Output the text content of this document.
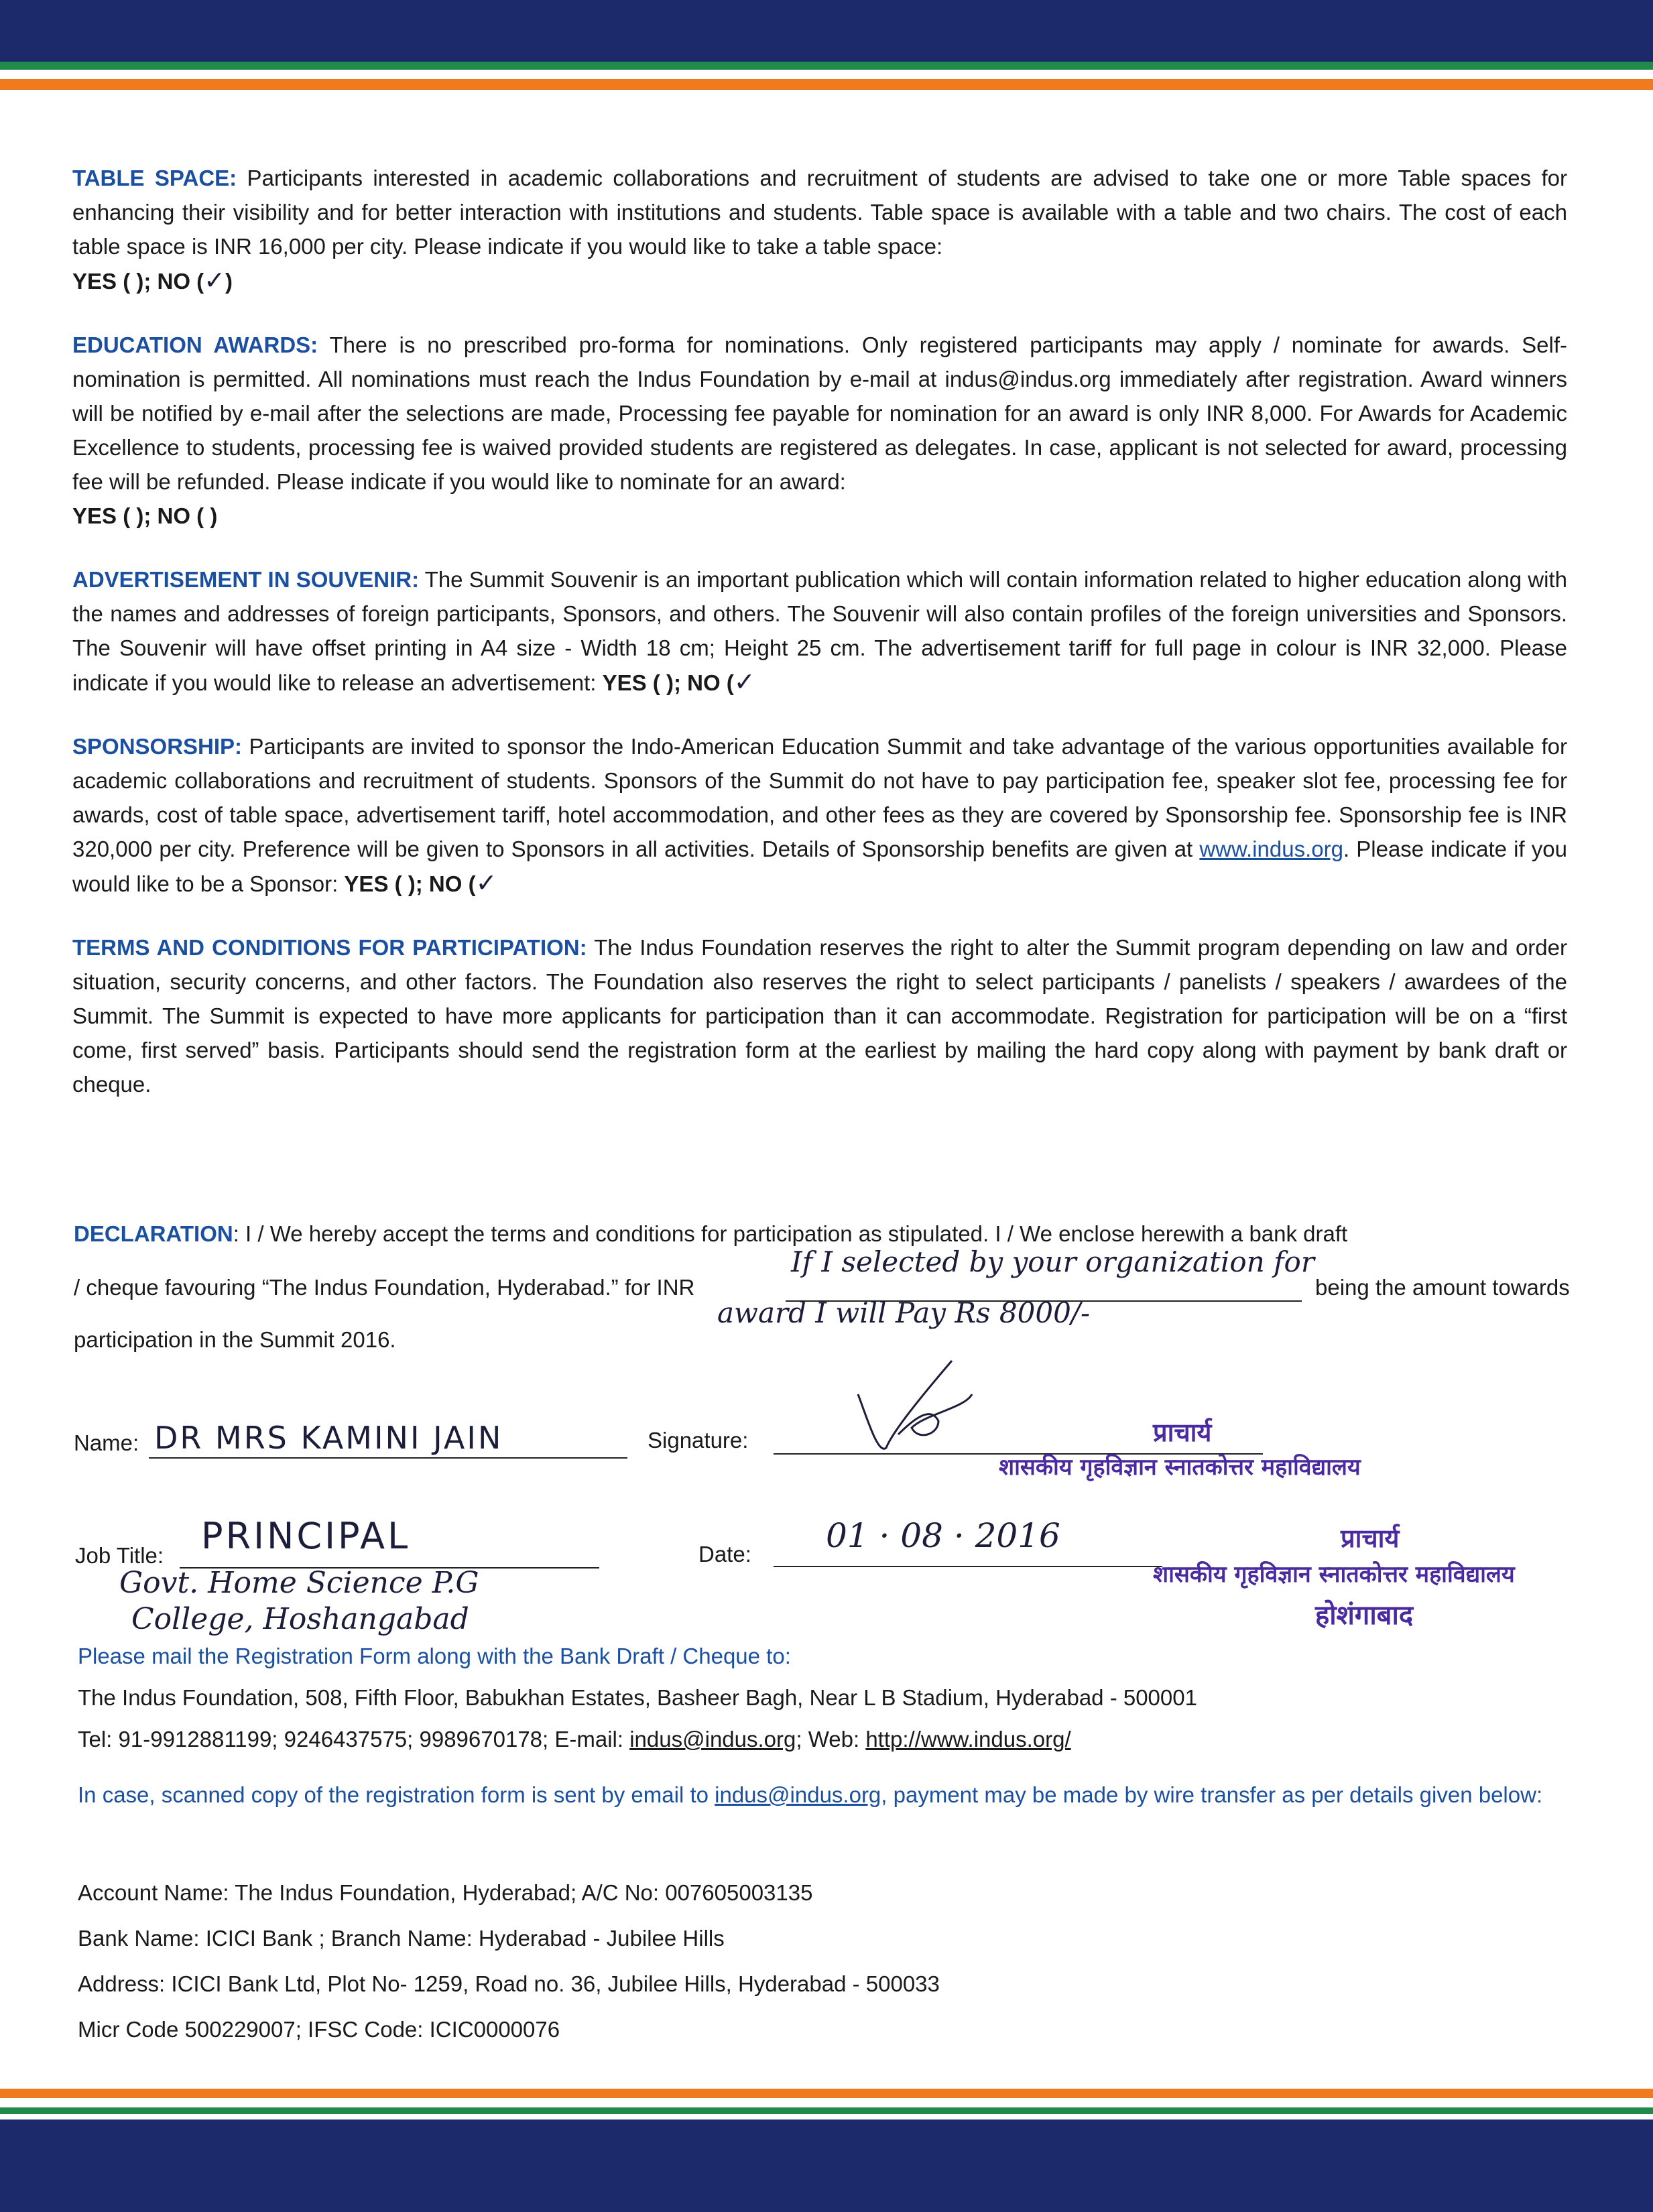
TABLE SPACE: Participants interested in academic collaborations and recruitment of students are advised to take one or more Table spaces for enhancing their visibility and for better interaction with institutions and students. Table space is available with a table and two chairs. The cost of each table space is INR 16,000 per city. Please indicate if you would like to take a table space:
YES ( ); NO (✓)
EDUCATION AWARDS: There is no prescribed pro-forma for nominations. Only registered participants may apply / nominate for awards. Self-nomination is permitted. All nominations must reach the Indus Foundation by e-mail at indus@indus.org immediately after registration. Award winners will be notified by e-mail after the selections are made, Processing fee payable for nomination for an award is only INR 8,000. For Awards for Academic Excellence to students, processing fee is waived provided students are registered as delegates. In case, applicant is not selected for award, processing fee will be refunded. Please indicate if you would like to nominate for an award:
YES ( ); NO ( )
ADVERTISEMENT IN SOUVENIR: The Summit Souvenir is an important publication which will contain information related to higher education along with the names and addresses of foreign participants, Sponsors, and others. The Souvenir will also contain profiles of the foreign universities and Sponsors. The Souvenir will have offset printing in A4 size - Width 18 cm; Height 25 cm. The advertisement tariff for full page in colour is INR 32,000. Please indicate if you would like to release an advertisement: YES ( ); NO (✓
SPONSORSHIP: Participants are invited to sponsor the Indo-American Education Summit and take advantage of the various opportunities available for academic collaborations and recruitment of students. Sponsors of the Summit do not have to pay participation fee, speaker slot fee, processing fee for awards, cost of table space, advertisement tariff, hotel accommodation, and other fees as they are covered by Sponsorship fee. Sponsorship fee is INR 320,000 per city. Preference will be given to Sponsors in all activities. Details of Sponsorship benefits are given at www.indus.org. Please indicate if you would like to be a Sponsor: YES ( ); NO (✓
TERMS AND CONDITIONS FOR PARTICIPATION: The Indus Foundation reserves the right to alter the Summit program depending on law and order situation, security concerns, and other factors. The Foundation also reserves the right to select participants / panelists / speakers / awardees of the Summit. The Summit is expected to have more applicants for participation than it can accommodate. Registration for participation will be on a “first come, first served” basis. Participants should send the registration form at the earliest by mailing the hard copy along with payment by bank draft or cheque.
DECLARATION: I / We hereby accept the terms and conditions for participation as stipulated. I / We enclose herewith a bank draft
/ cheque favouring “The Indus Foundation, Hyderabad.” for INR	being the amount towards
participation in the Summit 2016.
If I selected by your organization for
award I will Pay Rs 8000/-
Name: DR MRS KAMINI JAIN	Signature:	प्राचार्य
शासकीय गृहविज्ञान स्नातकोत्तर महाविद्यालय
Job Title: PRINCIPAL
Govt. Home Science P.G
College, Hoshangabad
Date: 01 · 08 · 2016	प्राचार्य
शासकीय गृहविज्ञान स्नातकोत्तर महाविद्यालय
होशंगाबाद
Please mail the Registration Form along with the Bank Draft / Cheque to:
The Indus Foundation, 508, Fifth Floor, Babukhan Estates, Basheer Bagh, Near L B Stadium, Hyderabad - 500001
Tel: 91-9912881199; 9246437575; 9989670178; E-mail: indus@indus.org; Web: http://www.indus.org/
In case, scanned copy of the registration form is sent by email to indus@indus.org, payment may be made by wire transfer as per details given below:
Account Name: The Indus Foundation, Hyderabad; A/C No: 007605003135
Bank Name: ICICI Bank ; Branch Name: Hyderabad - Jubilee Hills
Address: ICICI Bank Ltd, Plot No- 1259, Road no. 36, Jubilee Hills, Hyderabad - 500033
Micr Code 500229007; IFSC Code: ICIC0000076
